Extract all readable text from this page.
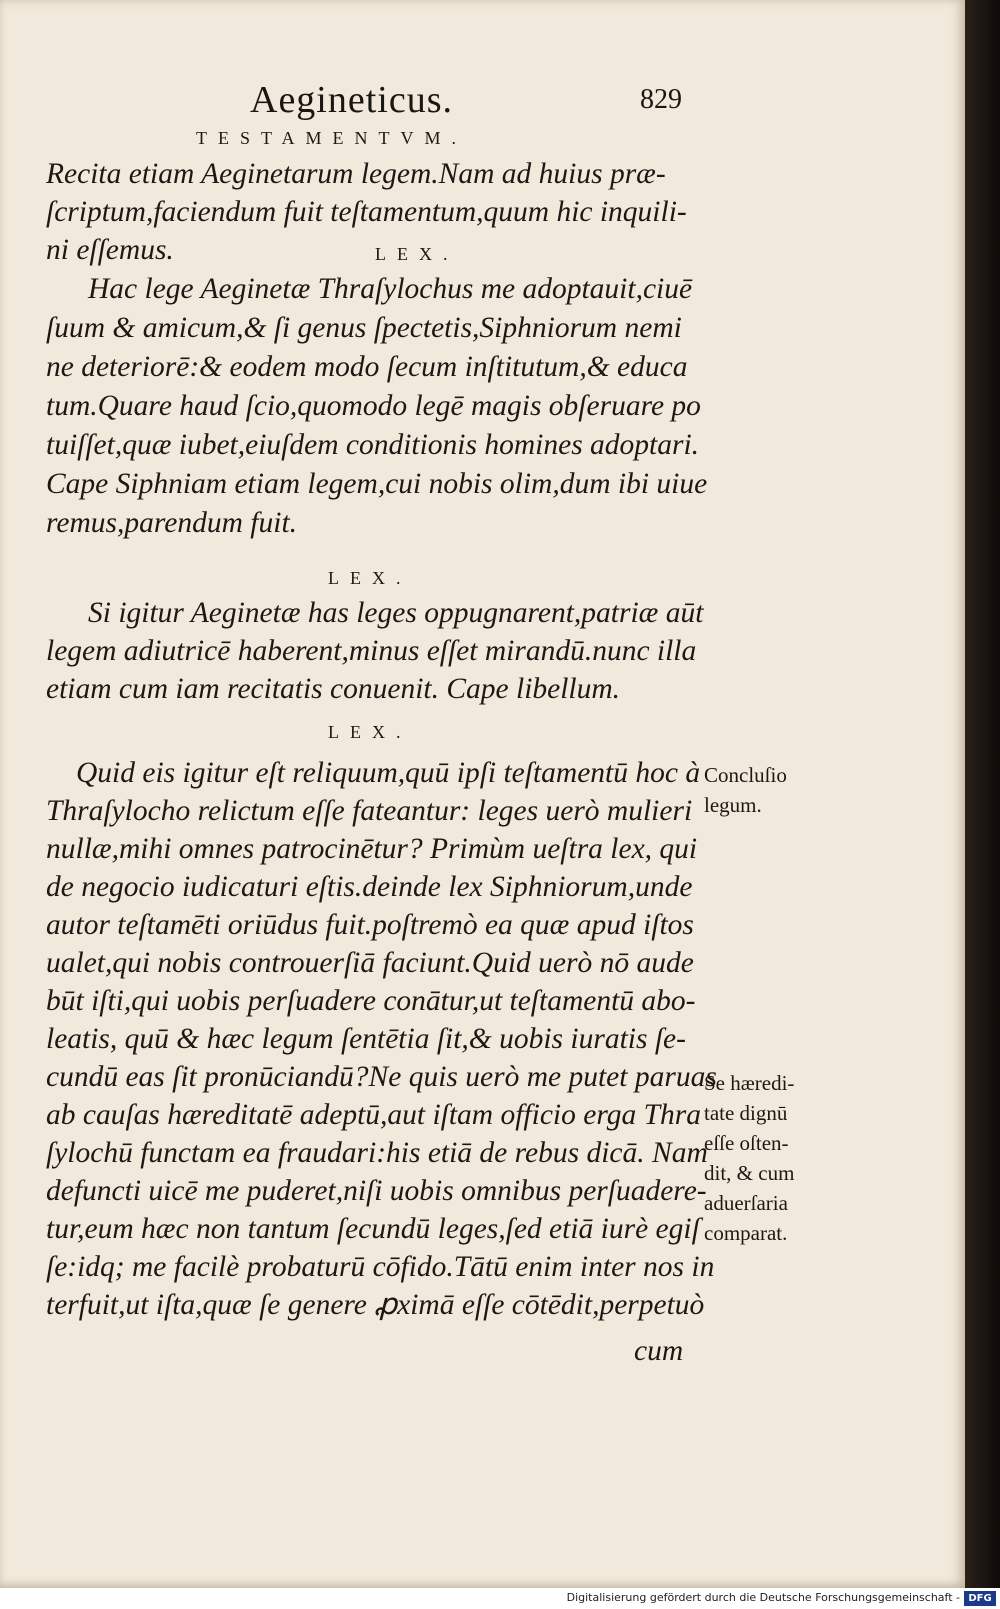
Aegineticus.	829
TESTAMENTVM.
Recita etiam Aeginetarum legem.Nam ad huius præ-
ſcriptum,faciendum fuit teſtamentum,quum hic inquili-
ni eſſemus.	LEX.
Hac lege Aeginetæ Thraſylochus me adoptauit,ciuē
ſuum & amicum,& ſi genus ſpectetis,Siphniorum nemi
ne deteriorē:& eodem modo ſecum inſtitutum,& educa
tum.Quare haud ſcio,quomodo legē magis obſeruare po
tuiſſet,quæ iubet,eiuſdem conditionis homines adoptari.
Cape Siphniam etiam legem,cui nobis olim,dum ibi uiue
remus,parendum fuit.
LEX.
Si igitur Aeginetæ has leges oppugnarent,patriæ aūt
legem adiutricē haberent,minus eſſet mirandū.nunc illa
etiam cum iam recitatis conuenit. Cape libellum.
LEX.
Quid eis igitur eſt reliquum,quū ipſi teſtamentū hoc à
Thraſylocho relictum eſſe fateantur: leges uerò mulieri
nullæ,mihi omnes patrocinētur? Primùm ueſtra lex, qui
de negocio iudicaturi eſtis.deinde lex Siphniorum,unde
autor teſtamēti oriūdus fuit.poſtremò ea quæ apud iſtos
ualet,qui nobis controuerſiā faciunt.Quid uerò nō aude
būt iſti,qui uobis perſuadere conātur,ut teſtamentū abo-
leatis, quū & hæc legum ſentētia ſit,& uobis iuratis ſe-
cundū eas ſit pronūciandū?Ne quis uerò me putet paruas
ab cauſas hæreditatē adeptū,aut iſtam officio erga Thra
ſylochū functam ea fraudari:his etiā de rebus dicā. Nam
defuncti uicē me puderet,niſi uobis omnibus perſuadere-
tur,eum hæc non tantum ſecundū leges,ſed etiā iurè egiſ
ſe:idq; me facilè probaturū cōfido.Tātū enim inter nos in
terfuit,ut iſta,quæ ſe genere ꝓximā eſſe cōtēdit,perpetuò
cum
Concluſio
legum.
Se hæredi-
tate dignū
eſſe oſten-
dit, & cum
aduerſaria
comparat.
Digitalisierung gefördert durch die Deutsche Forschungsgemeinschaft - DFG
